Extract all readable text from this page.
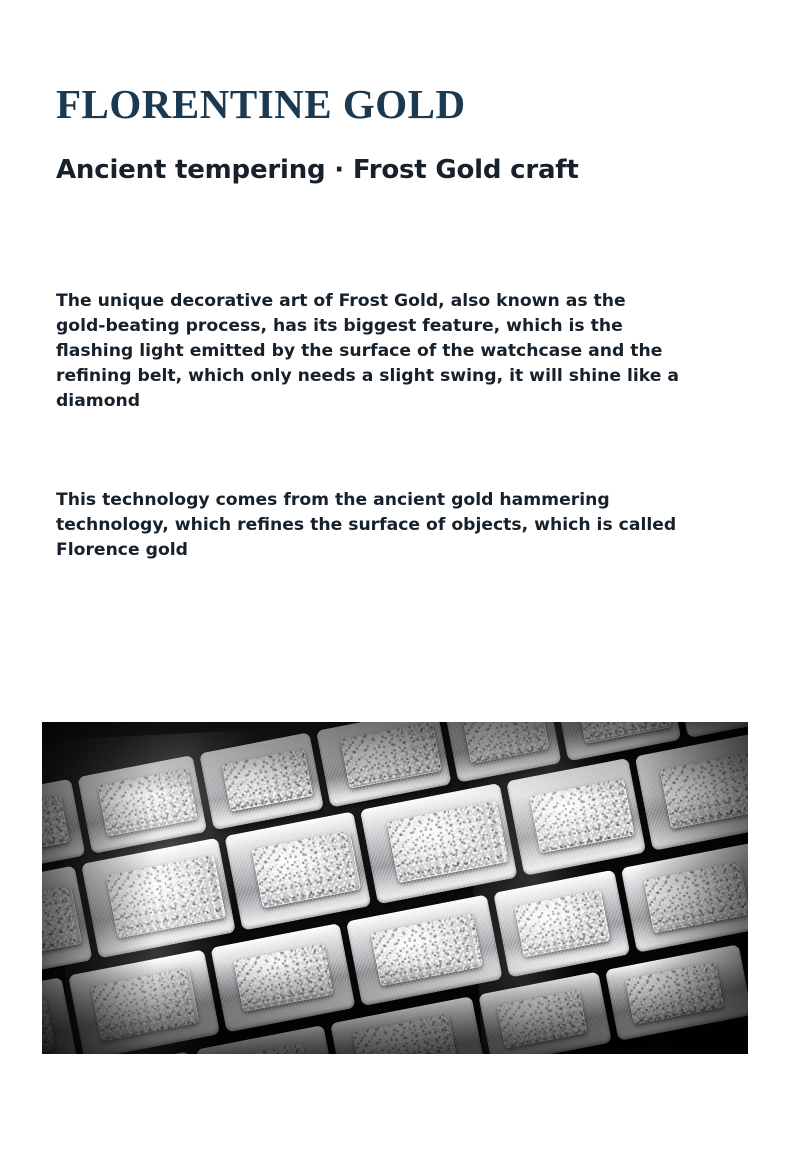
FLORENTINE GOLD
Ancient tempering · Frost Gold craft

The unique decorative art of Frost Gold, also known as the gold-beating process, has its biggest feature, which is the flashing light emitted by the surface of the watchcase and the refining belt, which only needs a slight swing, it will shine like a diamond

This technology comes from the ancient gold hammering technology, which refines the surface of objects, which is called Florence gold
